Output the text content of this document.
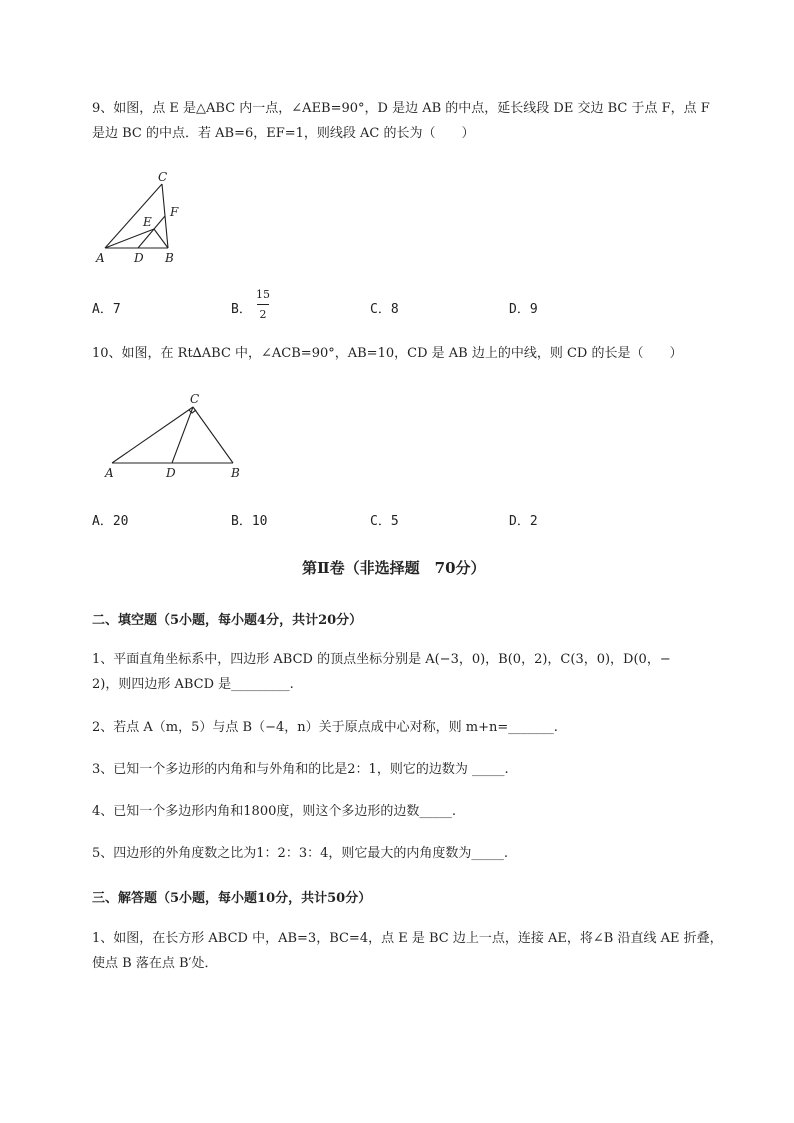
9、如图，点 E 是△ABC 内一点，∠AEB=90°，D 是边 AB 的中点，延长线段 DE 交边 BC 于点 F，点 F
是边 BC 的中点．若 AB=6，EF=1，则线段 AC 的长为（　　）
A D B
C
E
F
A．7	B．
15
2	C．8	D．9
10、如图，在 Rt∆ABC 中，∠ACB=90°，AB=10，CD 是 AB 边上的中线，则 CD 的长是（　　）
A	D	B
C
A．20	B．10	C．5	D．2
第Ⅱ卷（非选择题　70分）
二、填空题（5小题，每小题4分，共计20分）
1、平面直角坐标系中，四边形 ABCD 的顶点坐标分别是 A(−3，0)，B(0，2)，C(3，0)，D(0，−
2)，则四边形 ABCD 是_________.
2、若点 A（m，5）与点 B（−4，n）关于原点成中心对称，则 m+n=_______.
3、已知一个多边形的内角和与外角和的比是2：1，则它的边数为 _____.
4、已知一个多边形内角和1800度，则这个多边形的边数_____.
5、四边形的外角度数之比为1：2：3：4，则它最大的内角度数为_____.
三、解答题（5小题，每小题10分，共计50分）
1、如图，在长方形 ABCD 中，AB=3，BC=4，点 E 是 BC 边上一点，连接 AE，将∠B 沿直线 AE 折叠，
使点 B 落在点 B′处．
